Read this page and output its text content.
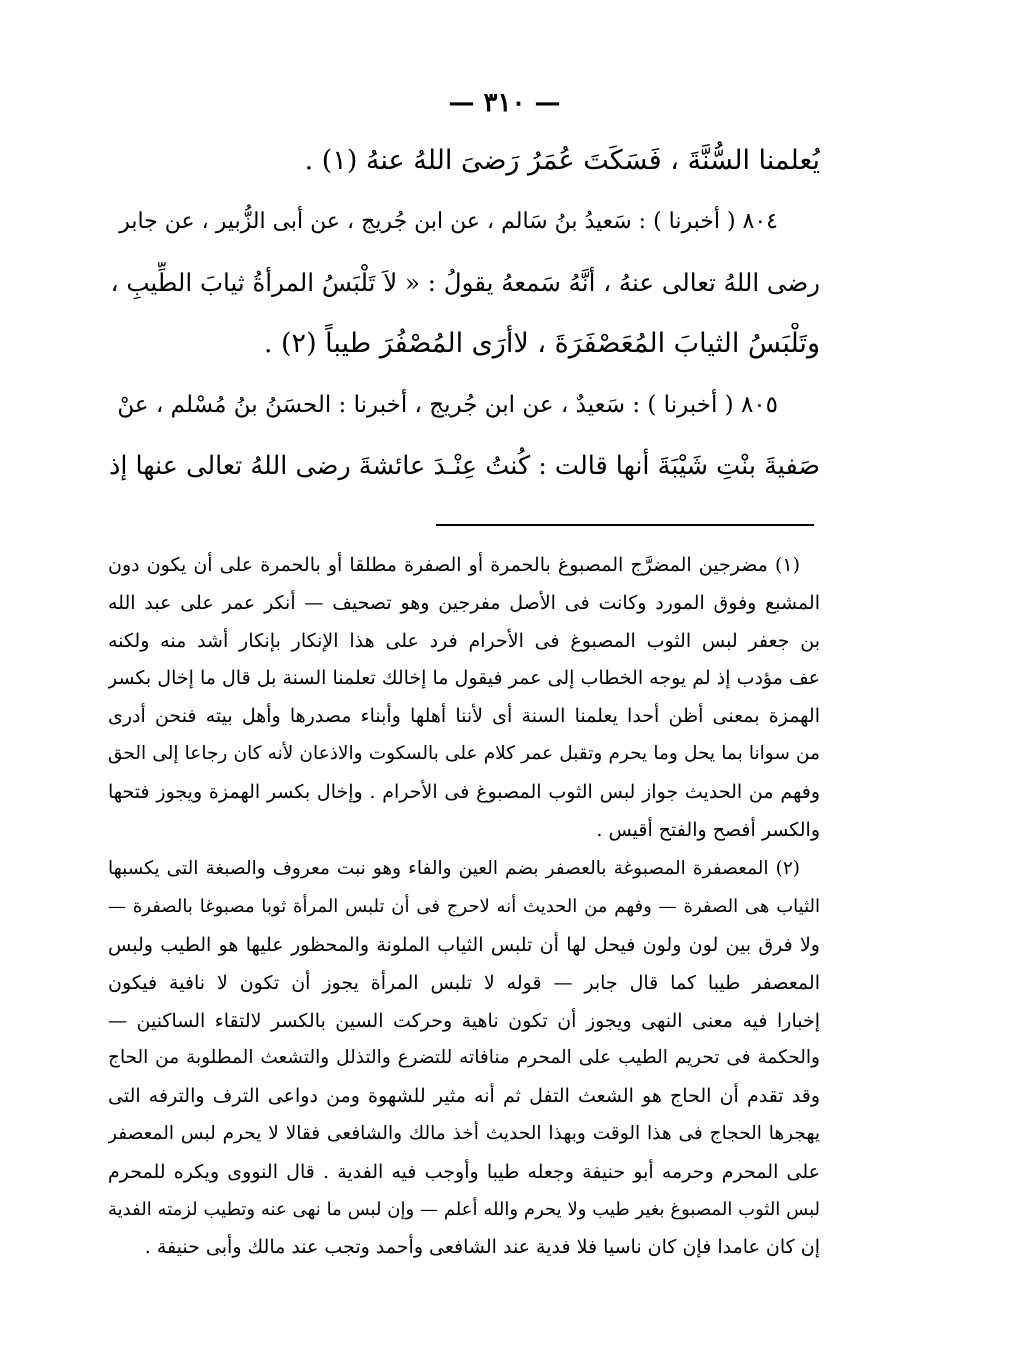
— ٣١٠ —
يُعلمنا السُّنَّةَ ، فَسَكَتَ عُمَرُ رَضىَ اللهُ عنهُ (١) .
٨٠٤ ( أخبرنا ) : سَعيدُ بنُ سَالم ، عن ابن جُريج ، عن أبى الزُّبير ، عن جابر
رضى اللهُ تعالى عنهُ ، أنَّهُ سَمعهُ يقولُ : « لاَ تَلْبَسُ المرأةُ ثيابَ الطِّيبِ ،
وتَلْبَسُ الثيابَ المُعَصْفَرَةَ ، لاأرَى المُصْفُرَ طيباً (٢) .
٨٠٥ ( أخبرنا ) : سَعيدٌ ، عن ابن جُريج ، أخبرنا : الحسَنُ بنُ مُسْلم ، عنْ
صَفيةَ بنْتِ شَيْبَةَ أنها قالت : كُنتُ عِنْـدَ عائشةَ رضى اللهُ تعالى عنها إذ
(١) مضرجين المضرَّج المصبوغ بالحمرة أو الصفرة مطلقا أو بالحمرة على أن يكون دون
المشبع وفوق المورد وكانت فى الأصل مفرجين وهو تصحيف — أنكر عمر على عبد الله
بن جعفر لبس الثوب المصبوغ فى الأحرام فرد على هذا الإنكار بإنكار أشد منه ولكنه
عف مؤدب إذ لم يوجه الخطاب إلى عمر فيقول ما إخالك تعلمنا السنة بل قال ما إخال بكسر
الهمزة بمعنى أظن أحدا يعلمنا السنة أى لأننا أهلها وأبناء مصدرها وأهل بيته فنحن أدرى
من سوانا بما يحل وما يحرم وتقبل عمر كلام على بالسكوت والاذعان لأنه كان رجاعا إلى الحق
وفهم من الحديث جواز لبس الثوب المصبوغ فى الأحرام . وإخال بكسر الهمزة ويجوز فتحها
والكسر أفصح والفتح أقيس .
(٢) المعصفرة المصبوغة بالعصفر بضم العين والفاء وهو نبت معروف والصبغة التى يكسبها
الثياب هى الصفرة — وفهم من الحديث أنه لاحرج فى أن تلبس المرأة ثوبا مصبوغا بالصفرة —
ولا فرق بين لون ولون فيحل لها أن تلبس الثياب الملونة والمحظور عليها هو الطيب ولبس
المعصفر طيبا كما قال جابر — قوله لا تلبس المرأة يجوز أن تكون لا نافية فيكون
إخبارا فيه معنى النهى ويجوز أن تكون ناهية وحركت السين بالكسر لالتقاء الساكنين —
والحكمة فى تحريم الطيب على المحرم منافاته للتضرع والتذلل والتشعث المطلوبة من الحاج
وقد تقدم أن الحاج هو الشعث التفل ثم أنه مثير للشهوة ومن دواعى الترف والترفه التى
يهجرها الحجاج فى هذا الوقت وبهذا الحديث أخذ مالك والشافعى فقالا لا يحرم لبس المعصفر
على المحرم وحرمه أبو حنيفة وجعله طيبا وأوجب فيه الفدية . قال النووى ويكره للمحرم
لبس الثوب المصبوغ بغير طيب ولا يحرم والله أعلم — وإن لبس ما نهى عنه وتطيب لزمته الفدية
إن كان عامدا فإن كان ناسيا فلا فدية عند الشافعى وأحمد وتجب عند مالك وأبى حنيفة .
